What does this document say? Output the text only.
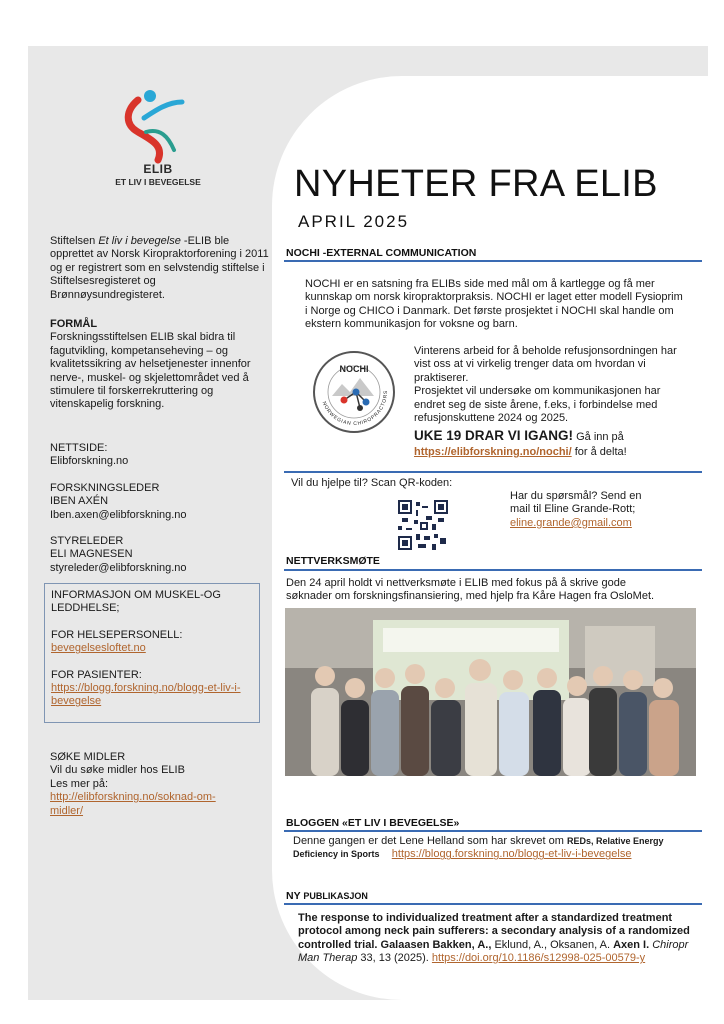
ELIB
ET LIV I BEVEGELSE
Stiftelsen Et liv i bevegelse -ELIB ble opprettet av Norsk Kiropraktorforening i 2011 og er registrert som en selvstendig stiftelse i Stiftelsesregisteret og Brønnøysundregisteret.
FORMÅL
Forskningsstiftelsen ELIB skal bidra til fagutvikling, kompetanseheving – og kvalitetssikring av helsetjenester innenfor nerve-, muskel- og skjelettområdet ved å stimulere til forskerrekruttering og vitenskapelig forskning.
NETTSIDE:
Elibforskning.no
FORSKNINGSLEDER
IBEN AXÉN
Iben.axen@elibforskning.no
STYRELEDER
ELI MAGNESEN
styreleder@elibforskning.no
INFORMASJON OM MUSKEL-OG
LEDDHELSE;
FOR HELSEPERSONELL:
bevegelsesloftet.no
FOR PASIENTER:
https://blogg.forskning.no/blogg-et-liv-i-
bevegelse
SØKE MIDLER
Vil du søke midler hos ELIB
Les mer på:
http://elibforskning.no/soknad-om-
midler/
NYHETER FRA ELIB
APRIL 2025
NOCHI -EXTERNAL COMMUNICATION
NOCHI er en satsning fra ELIBs side med mål om å kartlegge og få mer
kunnskap om norsk kiropraktorpraksis. NOCHI er laget etter modell Fysioprim
i Norge og CHICO i Danmark. Det første prosjektet i NOCHI skal handle om
ekstern kommunikasjon for voksne og barn.
NOCHI
NORWEGIAN CHIROPRACTORS
Vinterens arbeid for å beholde refusjonsordningen har
vist oss at vi virkelig trenger data om hvordan vi
praktiserer.
Prosjektet vil undersøke om kommunikasjonen har
endret seg de siste årene, f.eks, i forbindelse med
refusjonskuttene 2024 og 2025.
UKE 19 DRAR VI IGANG! Gå inn på
https://elibforskning.no/nochi/ for å delta!
Vil du hjelpe til? Scan QR-koden:
Har du spørsmål? Send en
mail til Eline Grande-Rott;
eline.grande@gmail.com
NETTVERKSMØTE
Den 24 april holdt vi nettverksmøte i ELIB med fokus på å skrive gode
søknader om forskningsfinansiering, med hjelp fra Kåre Hagen fra OsloMet.
BLOGGEN «ET LIV I BEVEGELSE»
Denne gangen er det Lene Helland som har skrevet om REDs, Relative Energy
Deficiency in Sports https://blogg.forskning.no/blogg-et-liv-i-bevegelse
NY PUBLIKASJON
The response to individualized treatment after a standardized treatment
protocol among neck pain sufferers: a secondary analysis of a randomized
controlled trial. Galaasen Bakken, A., Eklund, A., Oksanen, A. Axen I. Chiropr
Man Therap 33, 13 (2025). https://doi.org/10.1186/s12998-025-00579-y
